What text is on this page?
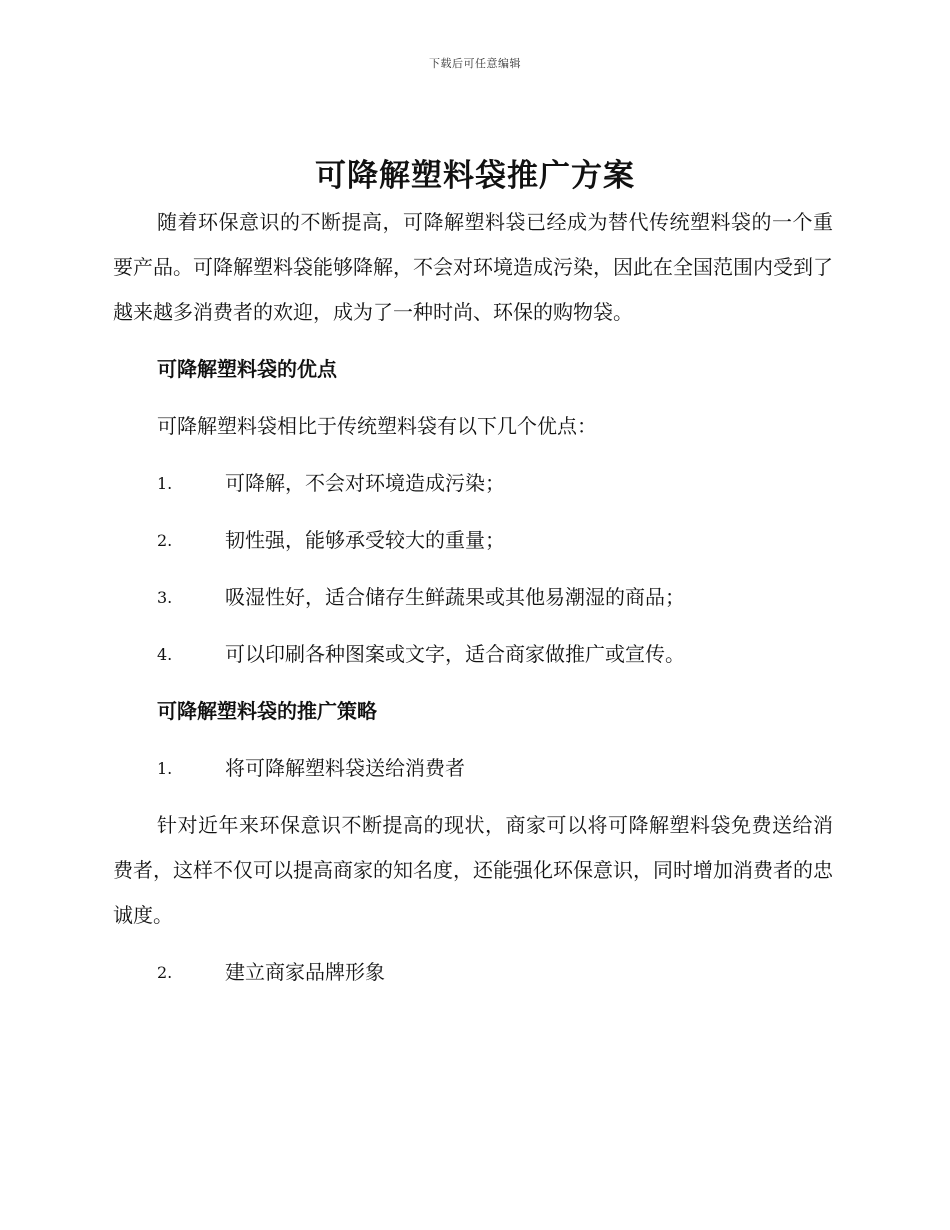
下载后可任意编辑
可降解塑料袋推广方案

随着环保意识的不断提高，可降解塑料袋已经成为替代传统塑料袋的一个重要产品。可降解塑料袋能够降解，不会对环境造成污染，因此在全国范围内受到了越来越多消费者的欢迎，成为了一种时尚、环保的购物袋。

可降解塑料袋的优点
可降解塑料袋相比于传统塑料袋有以下几个优点：
1.	可降解，不会对环境造成污染；
2.	韧性强，能够承受较大的重量；
3.	吸湿性好，适合储存生鲜蔬果或其他易潮湿的商品；
4.	可以印刷各种图案或文字，适合商家做推广或宣传。
可降解塑料袋的推广策略
1.	将可降解塑料袋送给消费者

针对近年来环保意识不断提高的现状，商家可以将可降解塑料袋免费送给消费者，这样不仅可以提高商家的知名度，还能强化环保意识，同时增加消费者的忠诚度。

2.	建立商家品牌形象
